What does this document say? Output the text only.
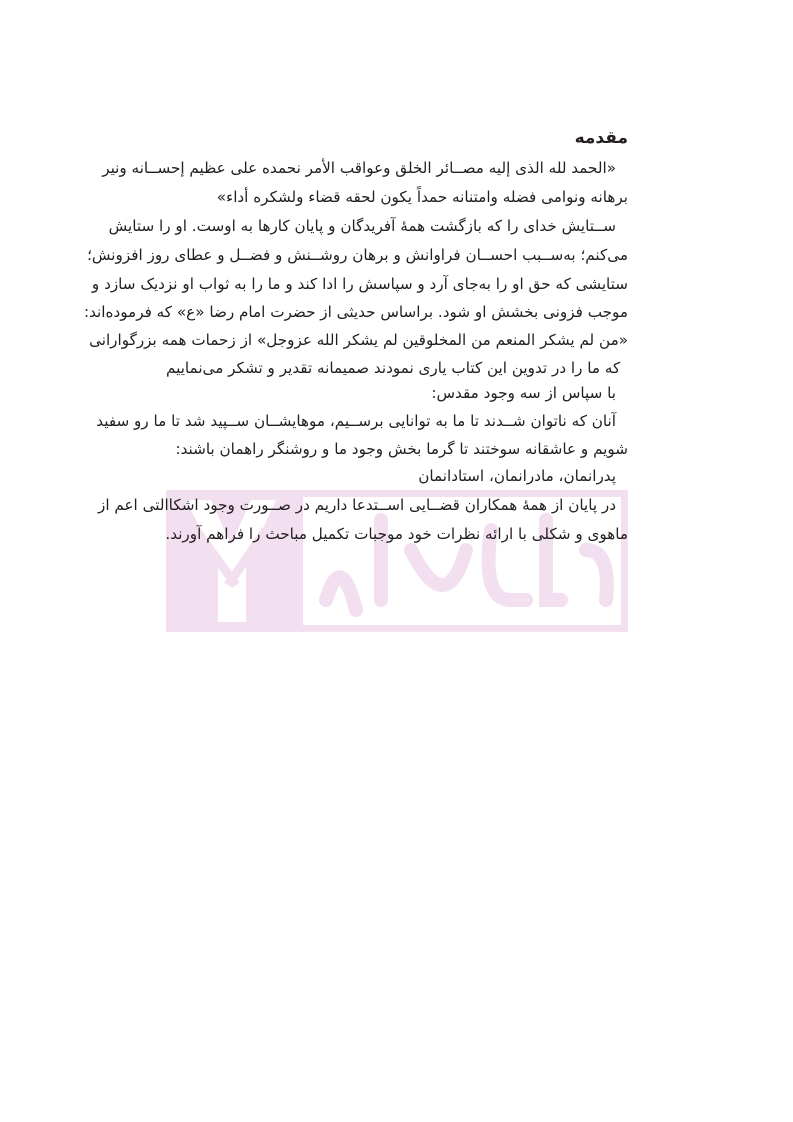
مقدمه
«الحمد لله الذی إلیه مصــائر الخلق وعواقب الأمر نحمده علی عظیم إحســانه ونیر
برهانه ونوامی فضله وامتنانه حمداً یکون لحقه قضاء ولشکره أداء»
ســتایش خدای را که بازگشت همهٔ آفریدگان و پایان کارها به اوست. او را ستایش
می‌کنم؛ به‌ســبب احســان فراوانش و برهان روشــنش و فضــل و عطای روز افزونش؛
ستایشی که حق او را به‌جای آرد و سپاسش را ادا کند و ما را به ثواب او نزدیک سازد و
موجب فزونی بخشش او شود. براساس حدیثی از حضرت امام رضا «ع» که فرموده‌اند:
«من لم یشکر المنعم من المخلوقین لم یشکر الله عزوجل» از زحمات همه بزرگوارانی
که ما را در تدوین این کتاب یاری نمودند صمیمانه تقدیر و تشکر می‌نماییم
با سپاس از سه وجود مقدس:
آنان که ناتوان شــدند تا ما به توانایی برســیم، موهایشــان ســپید شد تا ما رو سفید
شویم و عاشقانه سوختند تا گرما بخش وجود ما و روشنگر راهمان باشند:
پدرانمان، مادرانمان، استادانمان
در پایان از همهٔ همکاران قضــایی اســتدعا داریم در صــورت وجود اشکاالتی اعم از
ماهوی و شکلی با ارائه نظرات خود موجبات تکمیل مباحث را فراهم آورند.
